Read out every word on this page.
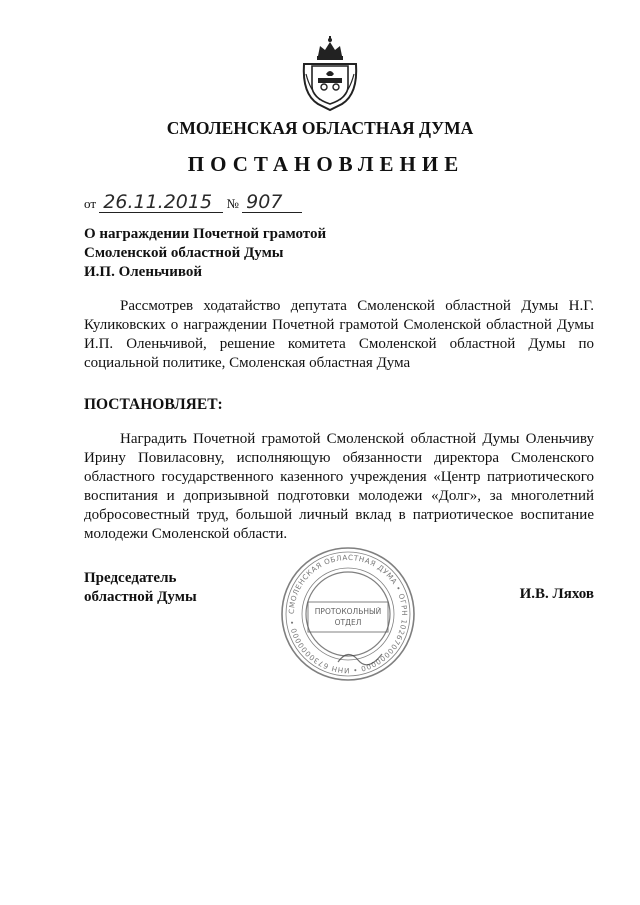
СМОЛЕНСКАЯ ОБЛАСТНАЯ ДУМА
ПОСТАНОВЛЕНИЕ
от 26.11.2015 № 907
О награждении Почетной грамотой
Смоленской областной Думы
И.П. Оленьчивой

Рассмотрев ходатайство депутата Смоленской областной Думы Н.Г. Куликовских о награждении Почетной грамотой Смоленской областной Думы И.П. Оленьчивой, решение комитета Смоленской областной Думы по социальной политике, Смоленская областная Дума

ПОСТАНОВЛЯЕТ:

Наградить Почетной грамотой Смоленской областной Думы Оленьчиву Ирину Повиласовну, исполняющую обязанности директора Смоленского областного государственного казенного учреждения «Центр патриотического воспитания и допризывной подготовки молодежи «Долг», за многолетний добросовестный труд, большой личный вклад в патриотическое воспитание молодежи Смоленской области.

Председатель
областной Думы	И.В. Ляхов
СМОЛЕНСКАЯ ОБЛАСТНАЯ ДУМА • ОГРН 1026700000000 • ИНН 6730000000 •
ПРОТОКОЛЬНЫЙ
ОТДЕЛ
